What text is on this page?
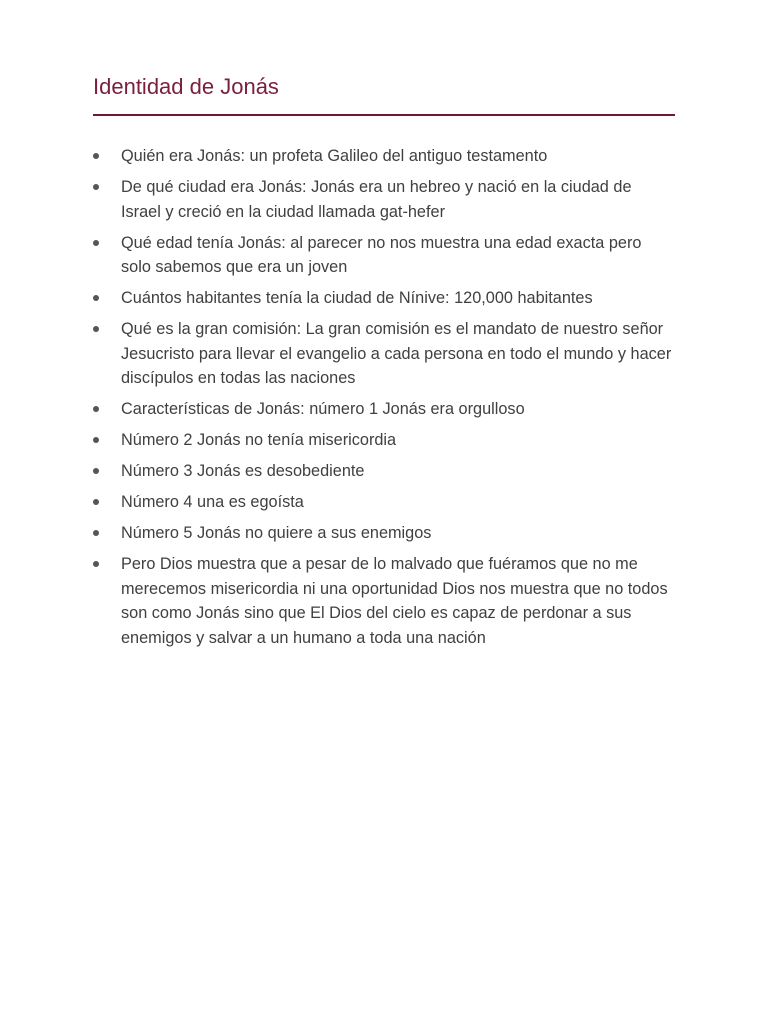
Identidad de Jonás
Quién era Jonás: un profeta Galileo del antiguo testamento
De qué ciudad era Jonás: Jonás era un hebreo y nació en la ciudad de Israel y creció en la ciudad llamada gat-hefer
Qué edad tenía Jonás: al parecer no nos muestra una edad exacta pero solo sabemos que era un joven
Cuántos habitantes tenía la ciudad de Nínive: 120,000 habitantes
Qué es la gran comisión: La gran comisión es el mandato de nuestro señor Jesucristo para llevar el evangelio a cada persona en todo el mundo y hacer discípulos en todas las naciones
Características de Jonás: número 1 Jonás era orgulloso
Número 2 Jonás no tenía misericordia
Número 3 Jonás es desobediente
Número 4 una es egoísta
Número 5 Jonás no quiere a sus enemigos
Pero Dios muestra que a pesar de lo malvado que fuéramos que no me merecemos misericordia ni una oportunidad Dios nos muestra que no todos son como Jonás sino que El Dios del cielo es capaz de perdonar a sus enemigos y salvar a un humano a toda una nación
